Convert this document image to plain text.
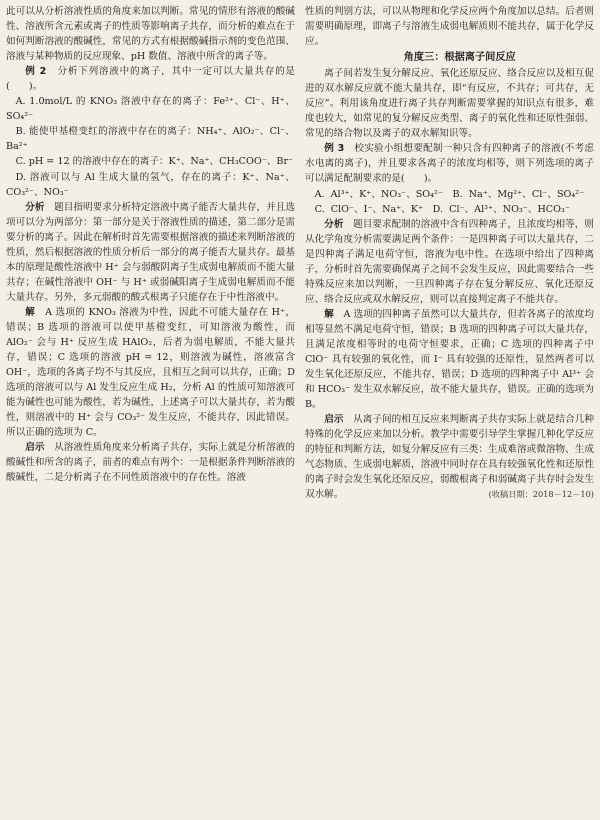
此可以从分析溶液性质的角度来加以判断。常见的情形有溶液的酸碱性、溶液所含元素或离子的性质等影响离子共存，而分析的难点在于如何判断溶液的酸碱性，常见的方式有根据酸碱指示剂的变色范围、溶液与某种物质的反应现象、pH 数值、溶液中所含的离子等。

例 2　 分析下列溶液中的离子，其中一定可以大量共存的是(　　)。

A. 1.0mol/L 的 KNO₃ 溶液中存在的离子：Fe²⁺、Cl⁻、H⁺、SO₄²⁻

B. 能使甲基橙变红的溶液中存在的离子：NH₄⁺、AlO₂⁻、Cl⁻、Ba²⁺

C. pH = 12 的溶液中存在的离子：K⁺、Na⁺、CH₃COO⁻、Br⁻

D. 溶液可以与 Al 生成大量的氢气，存在的离子：K⁺、Na⁺、CO₃²⁻、NO₃⁻

分析　 题目指明要求分析特定溶液中离子能否大量共存，并且选项可以分为两部分：第一部分是关于溶液性质的描述，第二部分是需要分析的离子。因此在解析时首先需要根据溶液的描述来判断溶液的性质，然后根据溶液的性质分析后一部分的离子能否大量共存。最基本的原理是酸性溶液中 H⁺ 会与弱酸阴离子生成弱电解质而不能大量共存；在碱性溶液中 OH⁻ 与 H⁺ 或弱碱阳离子生成弱电解质而不能大量共存。另外，多元弱酸的酸式根离子只能存在于中性溶液中。

解　 A 选项的 KNO₃ 溶液为中性，因此不可能大量存在 H⁺，错误；B 选项的溶液可以使甲基橙变红，可知溶液为酸性，而 AlO₂⁻ 会与 H⁺ 反应生成 HAlO₂，后者为弱电解质，不能大量共存，错误；C 选项的溶液 pH = 12，则溶液为碱性，溶液富含 OH⁻，选项的各离子均不与其反应，且相互之间可以共存，正确；D 选项的溶液可以与 Al 发生反应生成 H₂，分析 Al 的性质可知溶液可能为碱性也可能为酸性，若为碱性，上述离子可以大量共存，若为酸性，则溶液中的 H⁺ 会与 CO₃²⁻ 发生反应，不能共存，因此错误。所以正确的选项为 C。

启示　 从溶液性质角度来分析离子共存，实际上就是分析溶液的酸碱性和所含的离子，前者的难点有两个：一是根据条件判断溶液的酸碱性，二是分析离子在不同性质溶液中的存在性。溶液

性质的判别方法，可以从物理和化学反应两个角度加以总结。后者则需要明确原理，即离子与溶液生成弱电解质则不能共存，属于化学反应。

角度三：根据离子间反应

离子间若发生复分解反应、氧化还原反应、络合反应以及相互促进的双水解反应就不能大量共存，即“有反应，不共存；可共存，无反应”。利用该角度进行离子共存判断需要掌握的知识点有很多，难度也较大，如常见的复分解反应类型、离子的氧化性和还原性强弱、常见的络合物以及离子的双水解知识等。

例 3　 校实验小组想要配制一种只含有四种离子的溶液(不考虑水电离的离子)，并且要求各离子的浓度均相等，则下列选项的离子可以满足配制要求的是(　　)。

A. Al³⁺、K⁺、NO₃⁻、SO₄²⁻　B. Na⁺、Mg²⁺、Cl⁻、SO₄²⁻

C. ClO⁻、I⁻、Na⁺、K⁺　D. Cl⁻、Al³⁺、NO₃⁻、HCO₃⁻

分析　 题目要求配制的溶液中含有四种离子，且浓度均相等，则从化学角度分析需要满足两个条件：一是四种离子可以大量共存，二是四种离子满足电荷守恒，溶液为电中性。在选项中给出了四种离子，分析时首先需要确保离子之间不会发生反应，因此需要结合一些特殊反应来加以判断，一旦四种离子存在复分解反应、氧化还原反应、络合反应或双水解反应，则可以直接判定离子不能共存。

解　 A 选项的四种离子虽然可以大量共存，但若各离子的浓度均相等显然不满足电荷守恒，错误；B 选项的四种离子可以大量共存，且满足浓度相等时的电荷守恒要求，正确；C 选项的四种离子中 ClO⁻ 具有较强的氧化性，而 I⁻ 具有较强的还原性，显然两者可以发生氧化还原反应，不能共存，错误；D 选项的四种离子中 Al³⁺ 会和 HCO₃⁻ 发生双水解反应，故不能大量共存，错误。正确的选项为 B。

启示　 从离子间的相互反应来判断离子共存实际上就是结合几种特殊的化学反应来加以分析。教学中需要引导学生掌握几种化学反应的特征和判断方法，如复分解反应有三类：生成难溶或微溶物、生成气态物质、生成弱电解质，溶液中同时存在具有较强氧化性和还原性的离子时会发生氧化还原反应，弱酸根离子和弱碱离子共存时会发生双水解。	(收稿日期：2018－12－10)
